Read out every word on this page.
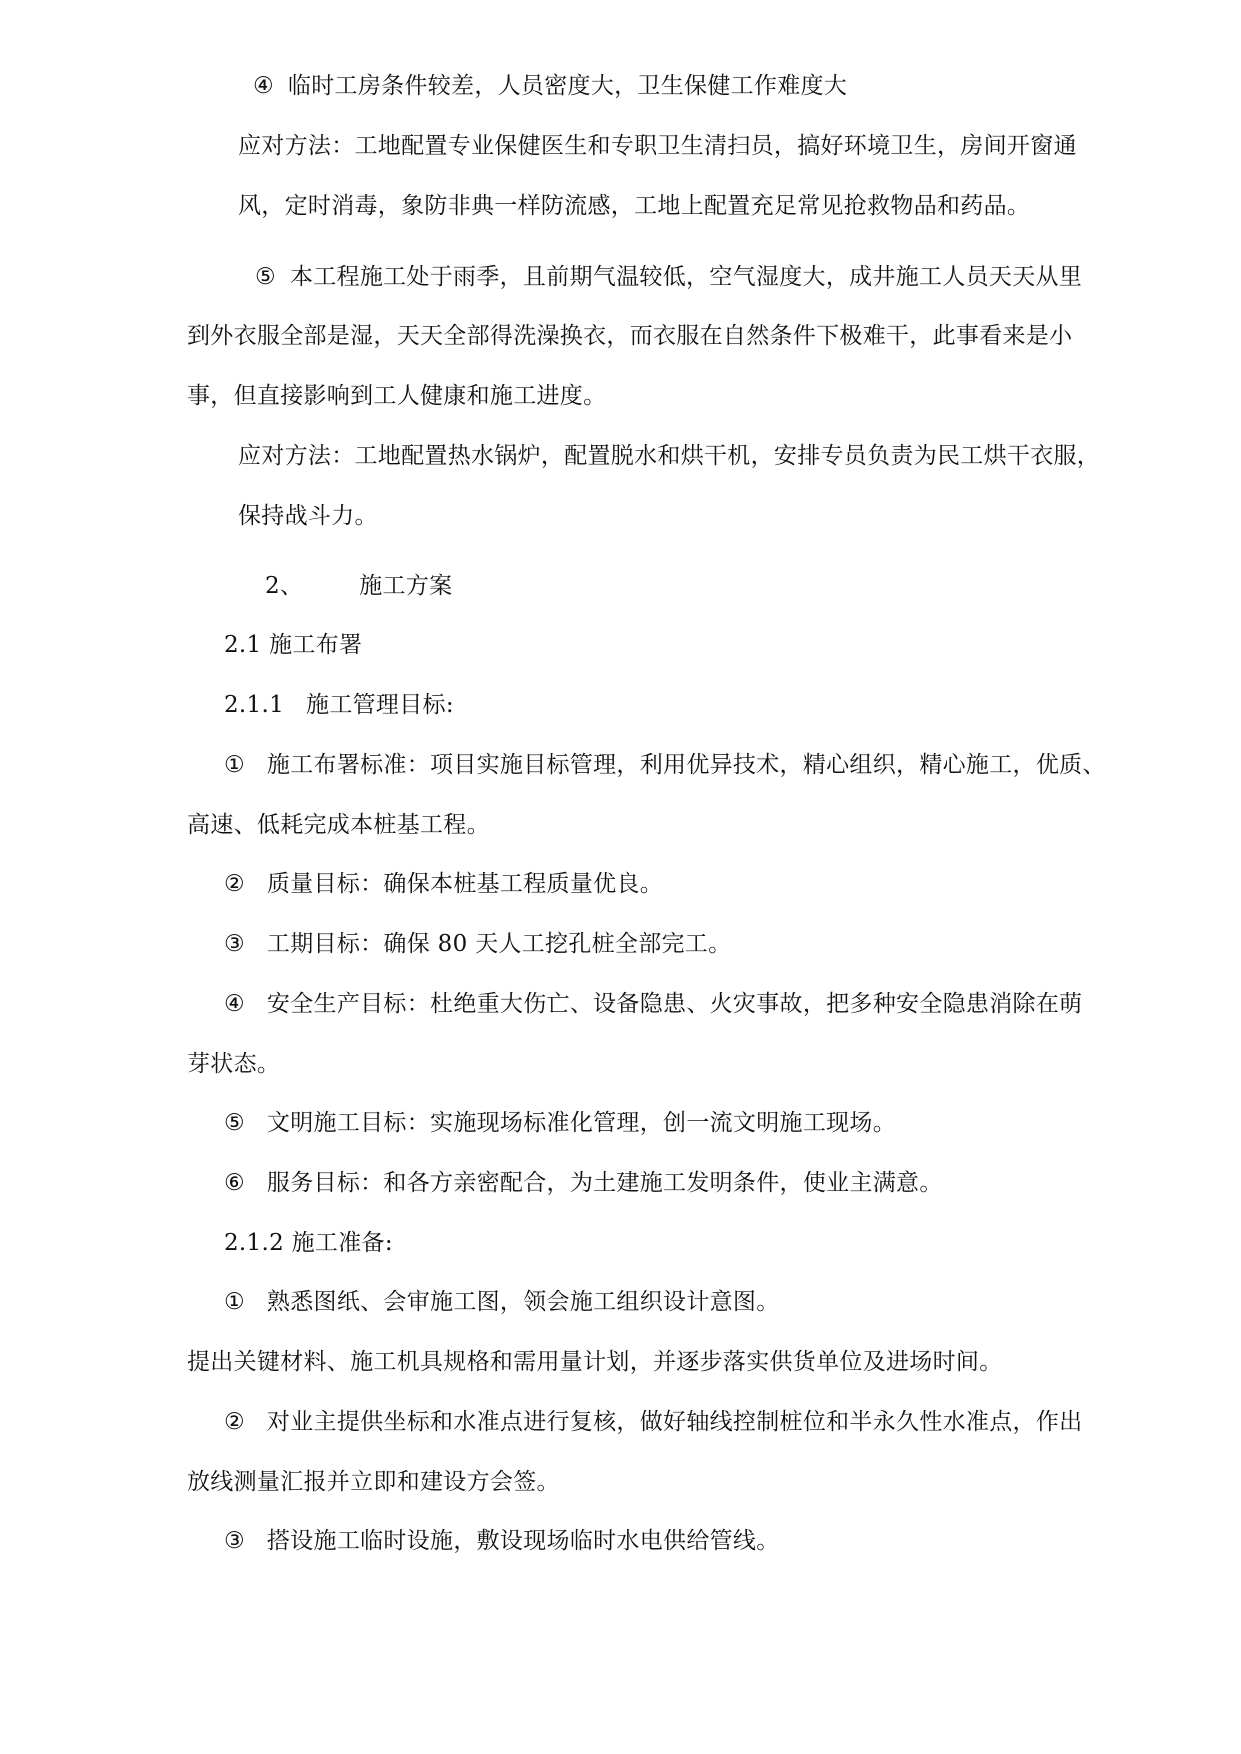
④ 临时工房条件较差，人员密度大，卫生保健工作难度大
应对方法：工地配置专业保健医生和专职卫生清扫员，搞好环境卫生，房间开窗通
风，定时消毒，象防非典一样防流感，工地上配置充足常见抢救物品和药品。
⑤ 本工程施工处于雨季，且前期气温较低，空气湿度大，成井施工人员天天从里
到外衣服全部是湿，天天全部得洗澡换衣，而衣服在自然条件下极难干，此事看来是小
事，但直接影响到工人健康和施工进度。
应对方法：工地配置热水锅炉，配置脱水和烘干机，安排专员负责为民工烘干衣服，
保持战斗力。
2、 施工方案
2.1 施工布署
2.1.1 施工管理目标:
① 施工布署标准：项目实施目标管理，利用优异技术，精心组织，精心施工，优质、
高速、低耗完成本桩基工程。
② 质量目标：确保本桩基工程质量优良。
③ 工期目标：确保 80 天人工挖孔桩全部完工。
④ 安全生产目标：杜绝重大伤亡、设备隐患、火灾事故，把多种安全隐患消除在萌
芽状态。
⑤ 文明施工目标：实施现场标准化管理，创一流文明施工现场。
⑥ 服务目标：和各方亲密配合，为土建施工发明条件，使业主满意。
2.1.2 施工准备:
① 熟悉图纸、会审施工图，领会施工组织设计意图。
提出关键材料、施工机具规格和需用量计划，并逐步落实供货单位及进场时间。
② 对业主提供坐标和水准点进行复核，做好轴线控制桩位和半永久性水准点，作出
放线测量汇报并立即和建设方会签。
③ 搭设施工临时设施，敷设现场临时水电供给管线。
